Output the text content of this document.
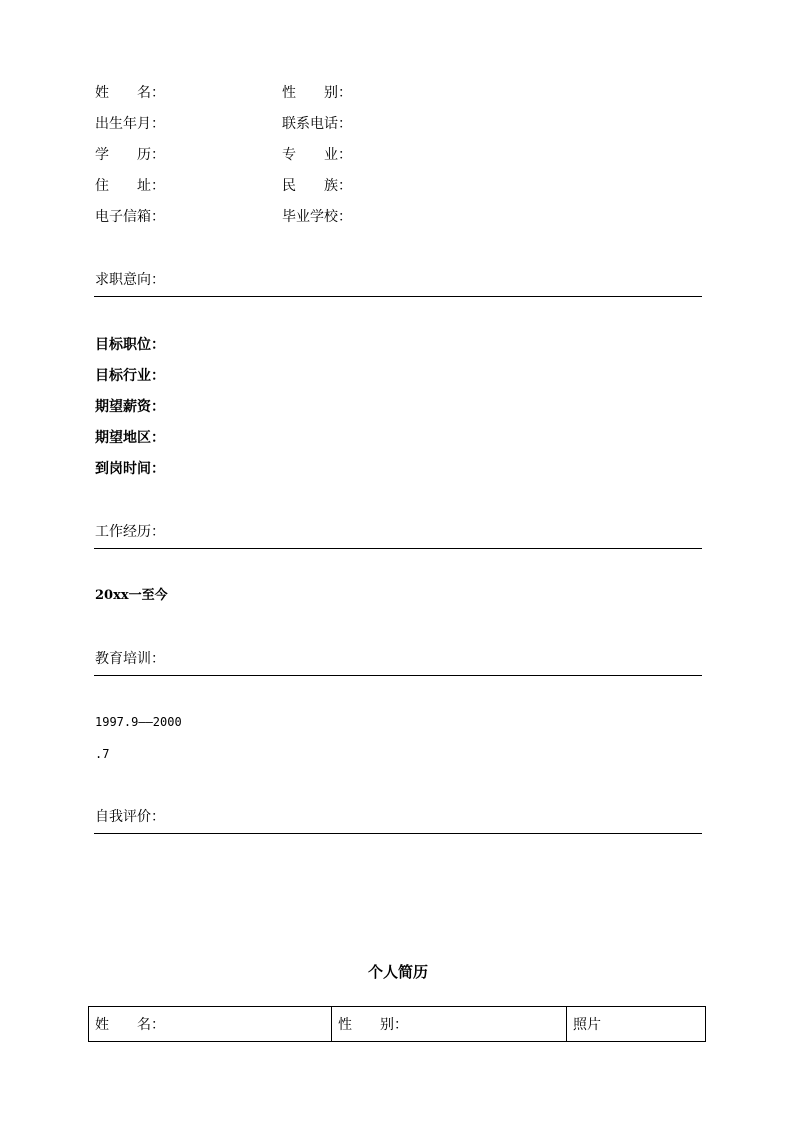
姓　　名：	性　　别：
出生年月：	联系电话：
学　　历：	专　　业：
住　　址：	民　　族：
电子信箱：	毕业学校：
求职意向：
目标职位：
目标行业：
期望薪资：
期望地区：
到岗时间：
工作经历：
20xx一至今
教育培训：
1997.9——2000
.7
自我评价：
个人简历
姓　　名：	性　　别：	照片
